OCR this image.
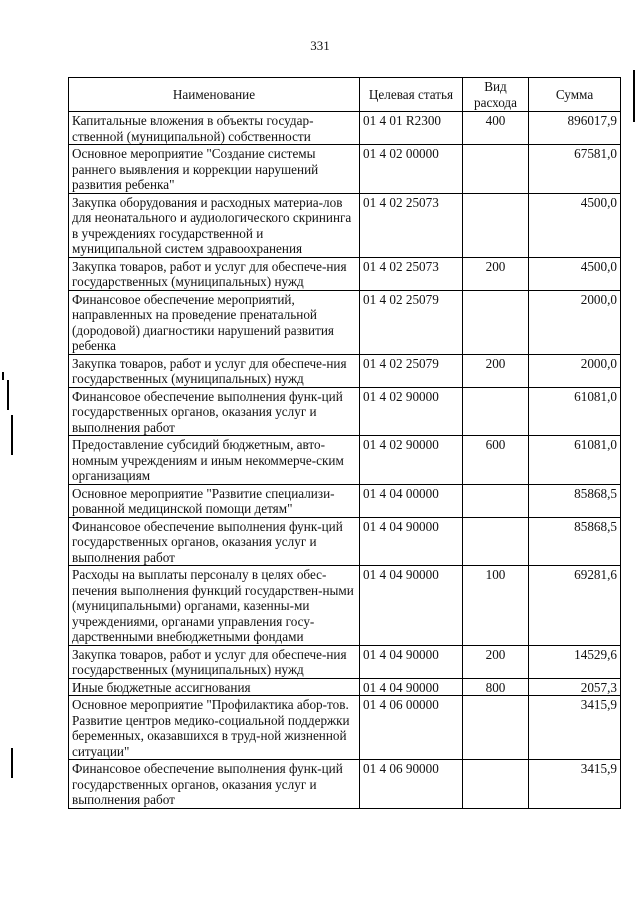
331
Наименование	Целевая статья	Вид расхода	Сумма
Капитальные вложения в объекты государ-ственной (муниципальной) собственности	01 4 01 R2300	400	896017,9
Основное мероприятие "Создание системы раннего выявления и коррекции нарушений развития ребенка"	01 4 02 00000		67581,0
Закупка оборудования и расходных материа-лов для неонатального и аудиологического скрининга в учреждениях государственной и муниципальной систем здравоохранения	01 4 02 25073		4500,0
Закупка товаров, работ и услуг для обеспече-ния государственных (муниципальных) нужд	01 4 02 25073	200	4500,0
Финансовое обеспечение мероприятий, направленных на проведение пренатальной (дородовой) диагностики нарушений развития ребенка	01 4 02 25079		2000,0
Закупка товаров, работ и услуг для обеспече-ния государственных (муниципальных) нужд	01 4 02 25079	200	2000,0
Финансовое обеспечение выполнения функ-ций государственных органов, оказания услуг и выполнения работ	01 4 02 90000		61081,0
Предоставление субсидий бюджетным, авто-номным учреждениям и иным некоммерче-ским организациям	01 4 02 90000	600	61081,0
Основное мероприятие "Развитие специализи-рованной медицинской помощи детям"	01 4 04 00000		85868,5
Финансовое обеспечение выполнения функ-ций государственных органов, оказания услуг и выполнения работ	01 4 04 90000		85868,5
Расходы на выплаты персоналу в целях обес-печения выполнения функций государствен-ными (муниципальными) органами, казенны-ми учреждениями, органами управления госу-дарственными внебюджетными фондами	01 4 04 90000	100	69281,6
Закупка товаров, работ и услуг для обеспече-ния государственных (муниципальных) нужд	01 4 04 90000	200	14529,6
Иные бюджетные ассигнования	01 4 04 90000	800	2057,3
Основное мероприятие "Профилактика абор-тов. Развитие центров медико-социальной поддержки беременных, оказавшихся в труд-ной жизненной ситуации"	01 4 06 00000		3415,9
Финансовое обеспечение выполнения функ-ций государственных органов, оказания услуг и выполнения работ	01 4 06 90000		3415,9
